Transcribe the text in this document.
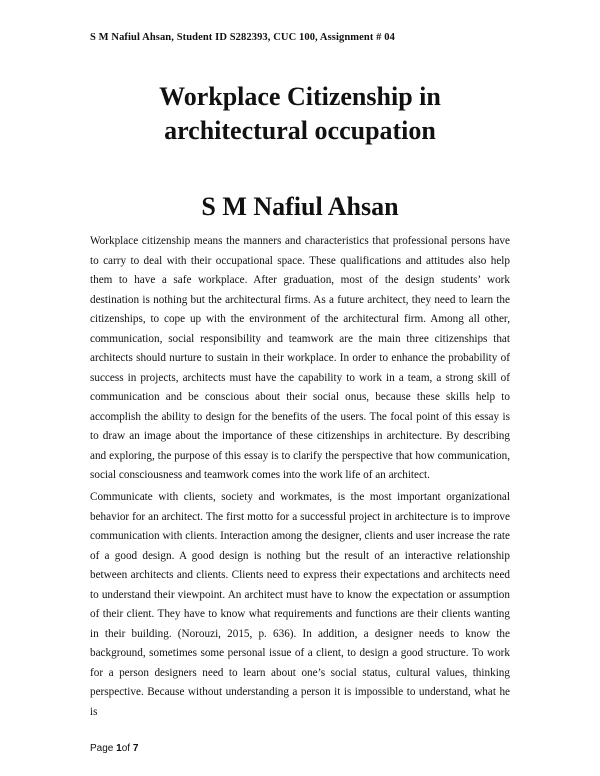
S M Nafiul Ahsan, Student ID S282393, CUC 100, Assignment # 04
Workplace Citizenship in
architectural occupation
S M Nafiul Ahsan

Workplace citizenship means the manners and characteristics that professional persons have to carry to deal with their occupational space. These qualifications and attitudes also help them to have a safe workplace. After graduation, most of the design students’ work destination is nothing but the architectural firms. As a future architect, they need to learn the citizenships, to cope up with the environment of the architectural firm. Among all other, communication, social responsibility and teamwork are the main three citizenships that architects should nurture to sustain in their workplace. In order to enhance the probability of success in projects, architects must have the capability to work in a team, a strong skill of communication and be conscious about their social onus, because these skills help to accomplish the ability to design for the benefits of the users. The focal point of this essay is to draw an image about the importance of these citizenships in architecture. By describing and exploring, the purpose of this essay is to clarify the perspective that how communication, social consciousness and teamwork comes into the work life of an architect.

Communicate with clients, society and workmates, is the most important organizational behavior for an architect. The first motto for a successful project in architecture is to improve communication with clients. Interaction among the designer, clients and user increase the rate of a good design. A good design is nothing but the result of an interactive relationship between architects and clients. Clients need to express their expectations and architects need to understand their viewpoint. An architect must have to know the expectation or assumption of their client. They have to know what requirements and functions are their clients wanting in their building. (Norouzi, 2015, p. 636). In addition, a designer needs to know the background, sometimes some personal issue of a client, to design a good structure. To work for a person designers need to learn about one’s social status, cultural values, thinking perspective. Because without understanding a person it is impossible to understand, what he is

Page 1of 7
